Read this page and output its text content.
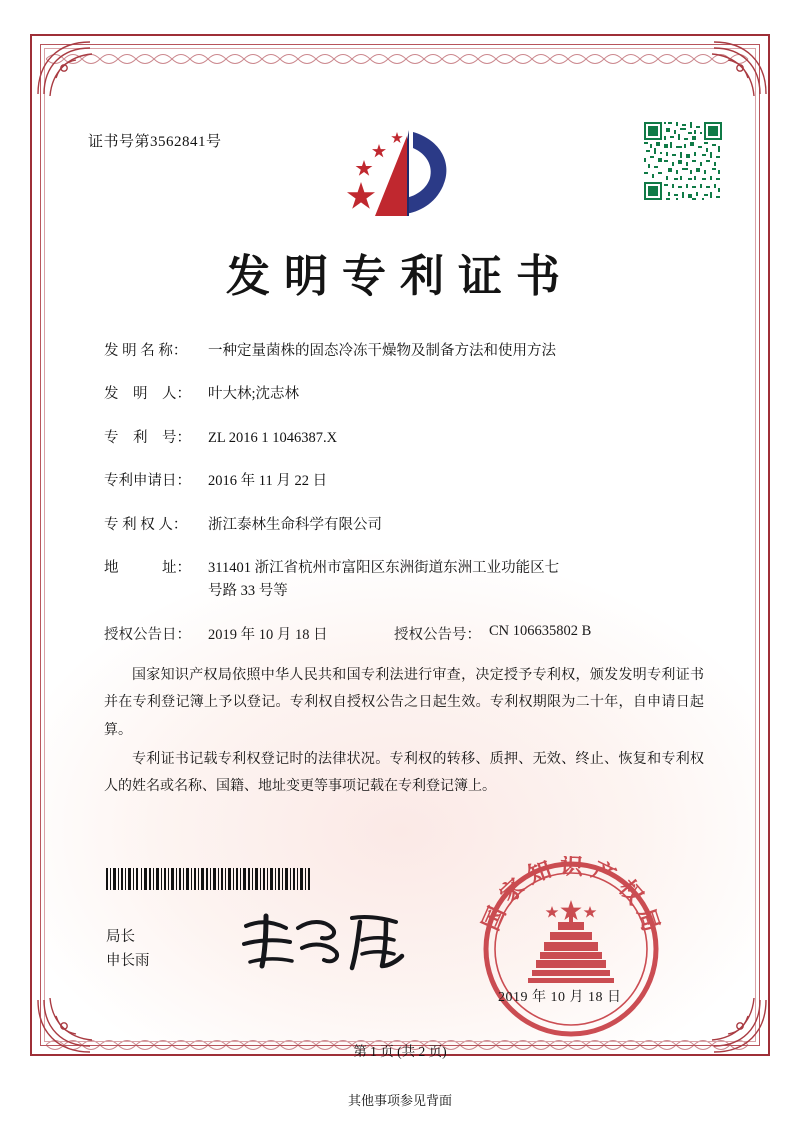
证书号第3562841号
发明专利证书
发 明 名 称：	一种定量菌株的固态冷冻干燥物及制备方法和使用方法
发　明　人：	叶大林;沈志林
专　利　号：	ZL 2016 1 1046387.X
专利申请日：	2016 年 11 月 22 日
专 利 权 人：	浙江泰林生命科学有限公司
地　　　址：	311401 浙江省杭州市富阳区东洲街道东洲工业功能区七
号路 33 号等
授权公告日：	2019 年 10 月 18 日	授权公告号： CN 106635802 B

国家知识产权局依照中华人民共和国专利法进行审查，决定授予专利权，颁发发明专利证书并在专利登记簿上予以登记。专利权自授权公告之日起生效。专利权期限为二十年，自申请日起算。

专利证书记载专利权登记时的法律状况。专利权的转移、质押、无效、终止、恢复和专利权人的姓名或名称、国籍、地址变更等事项记载在专利登记簿上。

局长
申长雨
国家知识产权局
2019 年 10 月 18 日
第 1 页 (共 2 页)
其他事项参见背面
